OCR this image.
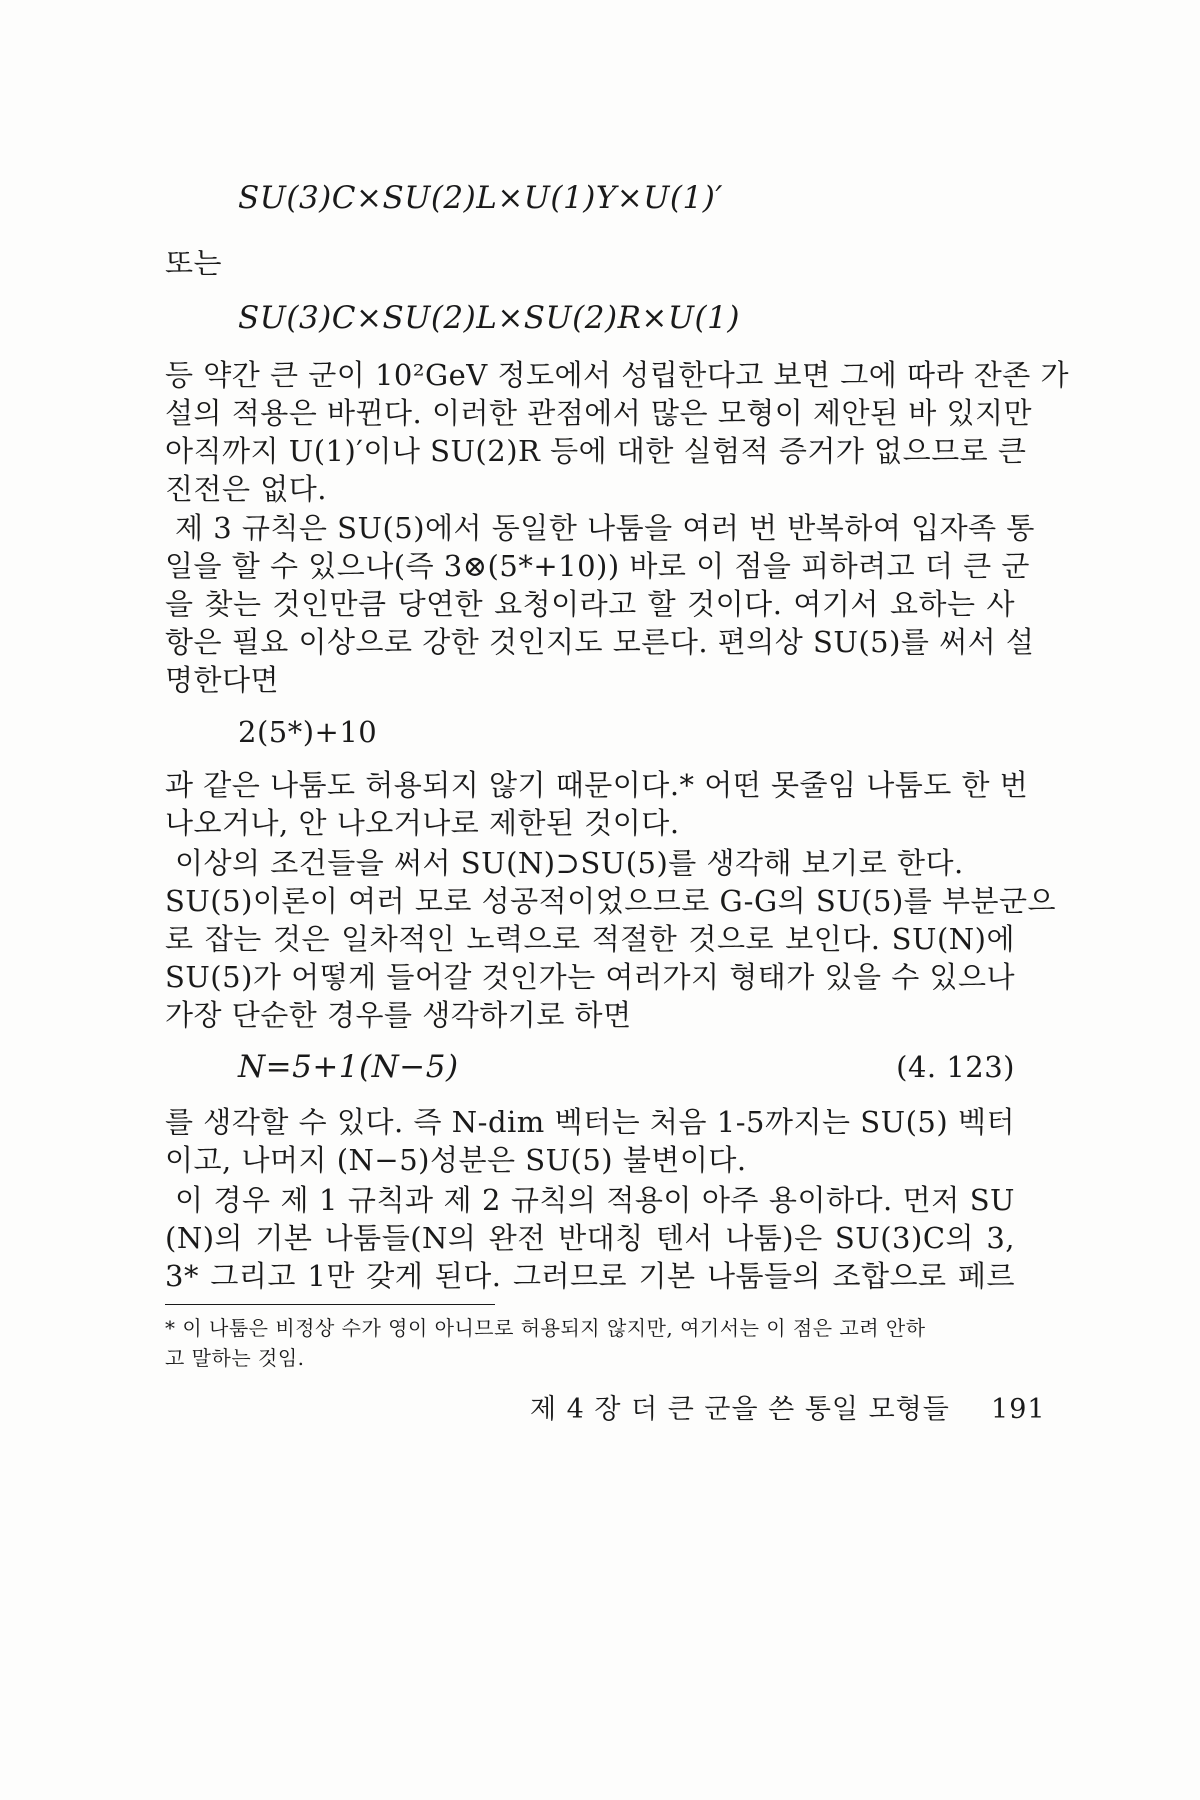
SU(3)C×SU(2)L×U(1)Y×U(1)′
또는
SU(3)C×SU(2)L×SU(2)R×U(1)
등 약간 큰 군이 10²GeV 정도에서 성립한다고 보면 그에 따라 잔존 가
설의 적용은 바뀐다. 이러한 관점에서 많은 모형이 제안된 바 있지만
아직까지 U(1)′이나 SU(2)R 등에 대한 실험적 증거가 없으므로 큰
진전은 없다.
제 3 규칙은 SU(5)에서 동일한 나툼을 여러 번 반복하여 입자족 통
일을 할 수 있으나(즉 3⊗(5*+10)) 바로 이 점을 피하려고 더 큰 군
을 찾는 것인만큼 당연한 요청이라고 할 것이다. 여기서 요하는 사
항은 필요 이상으로 강한 것인지도 모른다. 편의상 SU(5)를 써서 설
명한다면
2(5*)+10
과 같은 나툼도 허용되지 않기 때문이다.* 어떤 못줄임 나툼도 한 번
나오거나, 안 나오거나로 제한된 것이다.
이상의 조건들을 써서 SU(N)⊃SU(5)를 생각해 보기로 한다.
SU(5)이론이 여러 모로 성공적이었으므로 G-G의 SU(5)를 부분군으
로 잡는 것은 일차적인 노력으로 적절한 것으로 보인다. SU(N)에
SU(5)가 어떻게 들어갈 것인가는 여러가지 형태가 있을 수 있으나
가장 단순한 경우를 생각하기로 하면
N=5+1(N−5)	(4. 123)
를 생각할 수 있다. 즉 N-dim 벡터는 처음 1-5까지는 SU(5) 벡터
이고, 나머지 (N−5)성분은 SU(5) 불변이다.
이 경우 제 1 규칙과 제 2 규칙의 적용이 아주 용이하다. 먼저 SU
(N)의 기본 나툼들(N의 완전 반대칭 텐서 나툼)은 SU(3)C의 3,
3* 그리고 1만 갖게 된다. 그러므로 기본 나툼들의 조합으로 페르
* 이 나툼은 비정상 수가 영이 아니므로 허용되지 않지만, 여기서는 이 점은 고려 안하
고 말하는 것임.
제 4 장 더 큰 군을 쓴 통일 모형들 191
